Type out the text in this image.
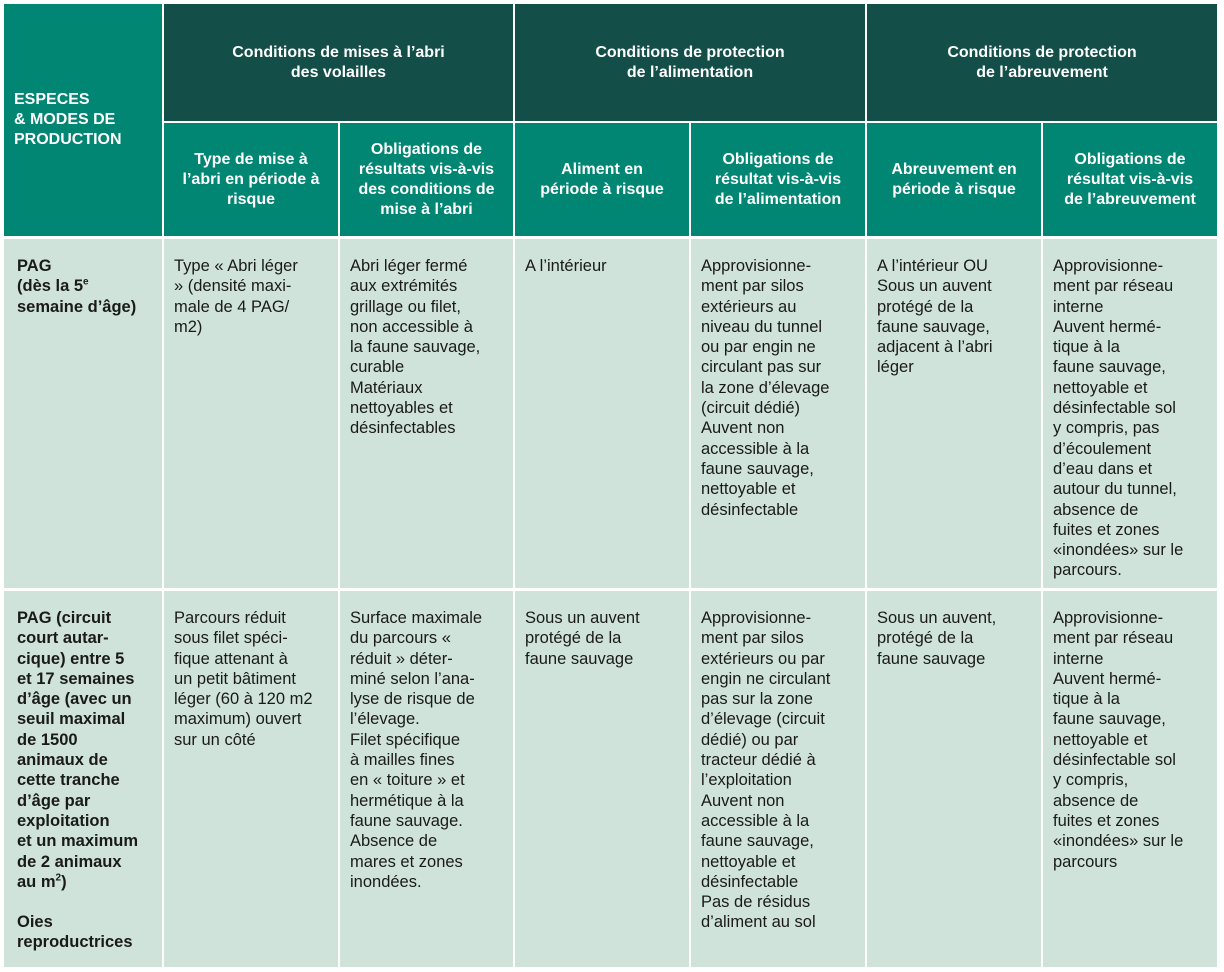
ESPECES
& MODES DE
PRODUCTION
Conditions de mises à l’abri
des volailles
Conditions de protection
de l’alimentation
Conditions de protection
de l’abreuvement
Type de mise à
l’abri en période à
risque
Obligations de
résultats vis-à-vis
des conditions de
mise à l’abri
Aliment en
période à risque
Obligations de
résultat vis-à-vis
de l’alimentation
Abreuvement en
période à risque
Obligations de
résultat vis-à-vis
de l’abreuvement
PAG
(dès la 5e
semaine d’âge)
Type « Abri léger
» (densité maxi-
male de 4 PAG/
m2)
Abri léger fermé
aux extrémités
grillage ou filet,
non accessible à
la faune sauvage,
curable
Matériaux
nettoyables et
désinfectables
A l’intérieur	Approvisionne-
ment par silos
extérieurs au
niveau du tunnel
ou par engin ne
circulant pas sur
la zone d’élevage
(circuit dédié)
Auvent non
accessible à la
faune sauvage,
nettoyable et
désinfectable
A l’intérieur OU
Sous un auvent
protégé de la
faune sauvage,
adjacent à l’abri
léger
Approvisionne-
ment par réseau
interne
Auvent hermé-
tique à la
faune sauvage,
nettoyable et
désinfectable sol
y compris, pas
d’écoulement
d’eau dans et
autour du tunnel,
absence de
fuites et zones
«inondées» sur le
parcours.
PAG (circuit
court autar-
cique) entre 5
et 17 semaines
d’âge (avec un
seuil maximal
de 1500
animaux de
cette tranche
d’âge par
exploitation
et un maximum
de 2 animaux
au $m^2$)
Oies
reproductrices
Parcours réduit
sous filet spéci-
fique attenant à
un petit bâtiment
léger (60 à 120 m2
maximum) ouvert
sur un côté
Surface maximale
du parcours «
réduit » déter-
miné selon l’ana-
lyse de risque de
l’élevage.
Filet spécifique
à mailles fines
en « toiture » et
hermétique à la
faune sauvage.
Absence de
mares et zones
inondées.
Sous un auvent
protégé de la
faune sauvage
Approvisionne-
ment par silos
extérieurs ou par
engin ne circulant
pas sur la zone
d’élevage (circuit
dédié) ou par
tracteur dédié à
l’exploitation
Auvent non
accessible à la
faune sauvage,
nettoyable et
désinfectable
Pas de résidus
d’aliment au sol
Sous un auvent,
protégé de la
faune sauvage
Approvisionne-
ment par réseau
interne
Auvent hermé-
tique à la
faune sauvage,
nettoyable et
désinfectable sol
y compris,
absence de
fuites et zones
«inondées» sur le
parcours
